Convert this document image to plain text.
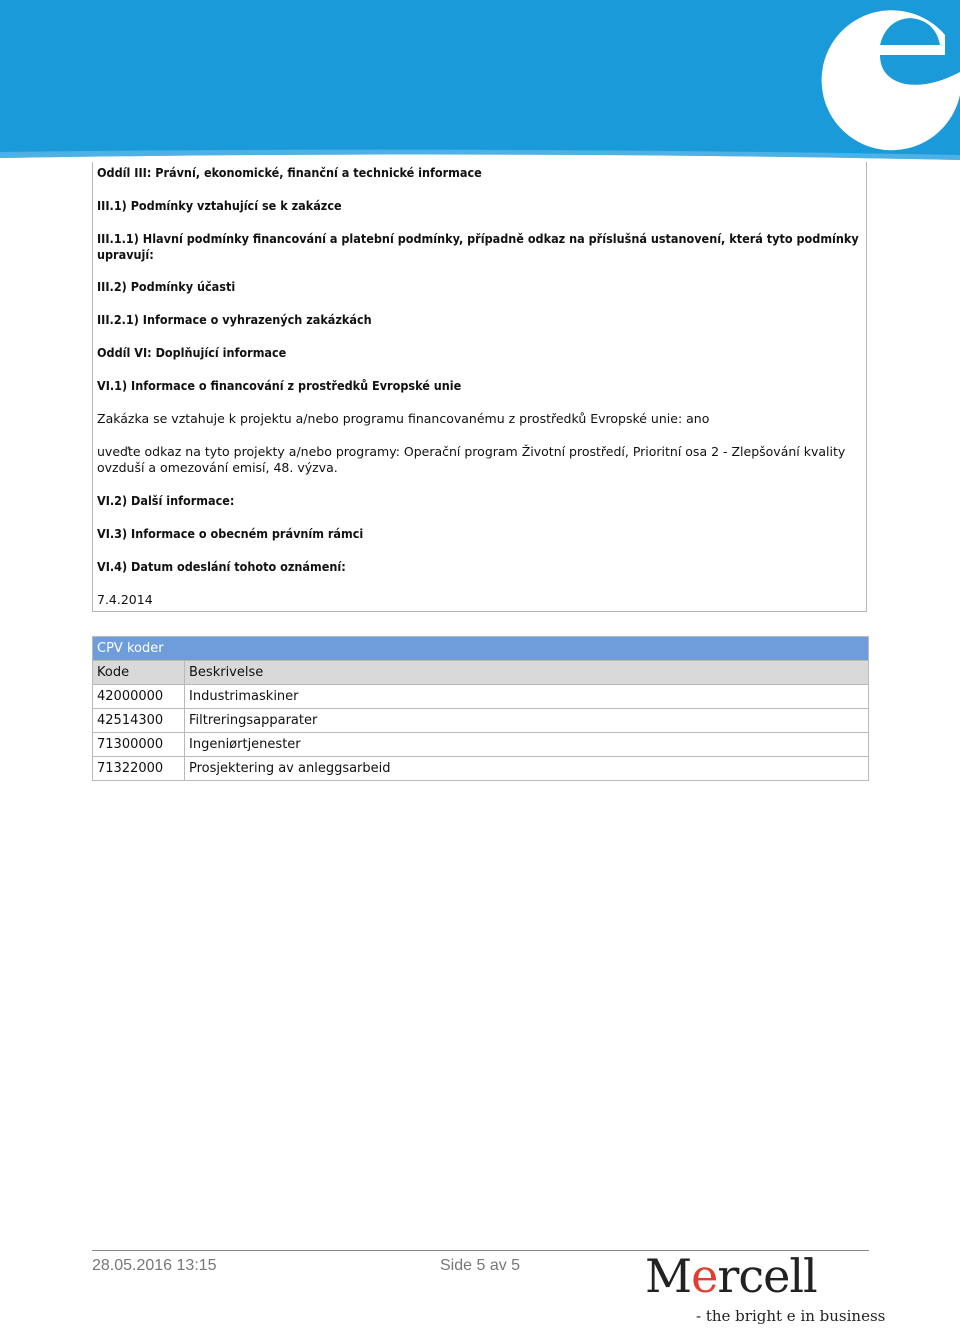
Oddíl III: Právní, ekonomické, finanční a technické informace
III.1) Podmínky vztahující se k zakázce
III.1.1) Hlavní podmínky financování a platební podmínky, případně odkaz na příslušná ustanovení, která tyto podmínky upravují:
III.2) Podmínky účasti
III.2.1) Informace o vyhrazených zakázkách
Oddíl VI: Doplňující informace
VI.1) Informace o financování z prostředků Evropské unie
Zakázka se vztahuje k projektu a/nebo programu financovanému z prostředků Evropské unie: ano
uveďte odkaz na tyto projekty a/nebo programy: Operační program Životní prostředí, Prioritní osa 2 - Zlepšování kvality ovzduší a omezování emisí, 48. výzva.
VI.2) Další informace:
VI.3) Informace o obecném právním rámci
VI.4) Datum odeslání tohoto oznámení:
7.4.2014
CPV koder	
Kode	Beskrivelse
42000000	Industrimaskiner
42514300	Filtreringsapparater
71300000	Ingeniørtjenester
71322000	Prosjektering av anleggsarbeid
28.05.2016 13:15	Side 5 av 5	Mercell
- the bright e in business
